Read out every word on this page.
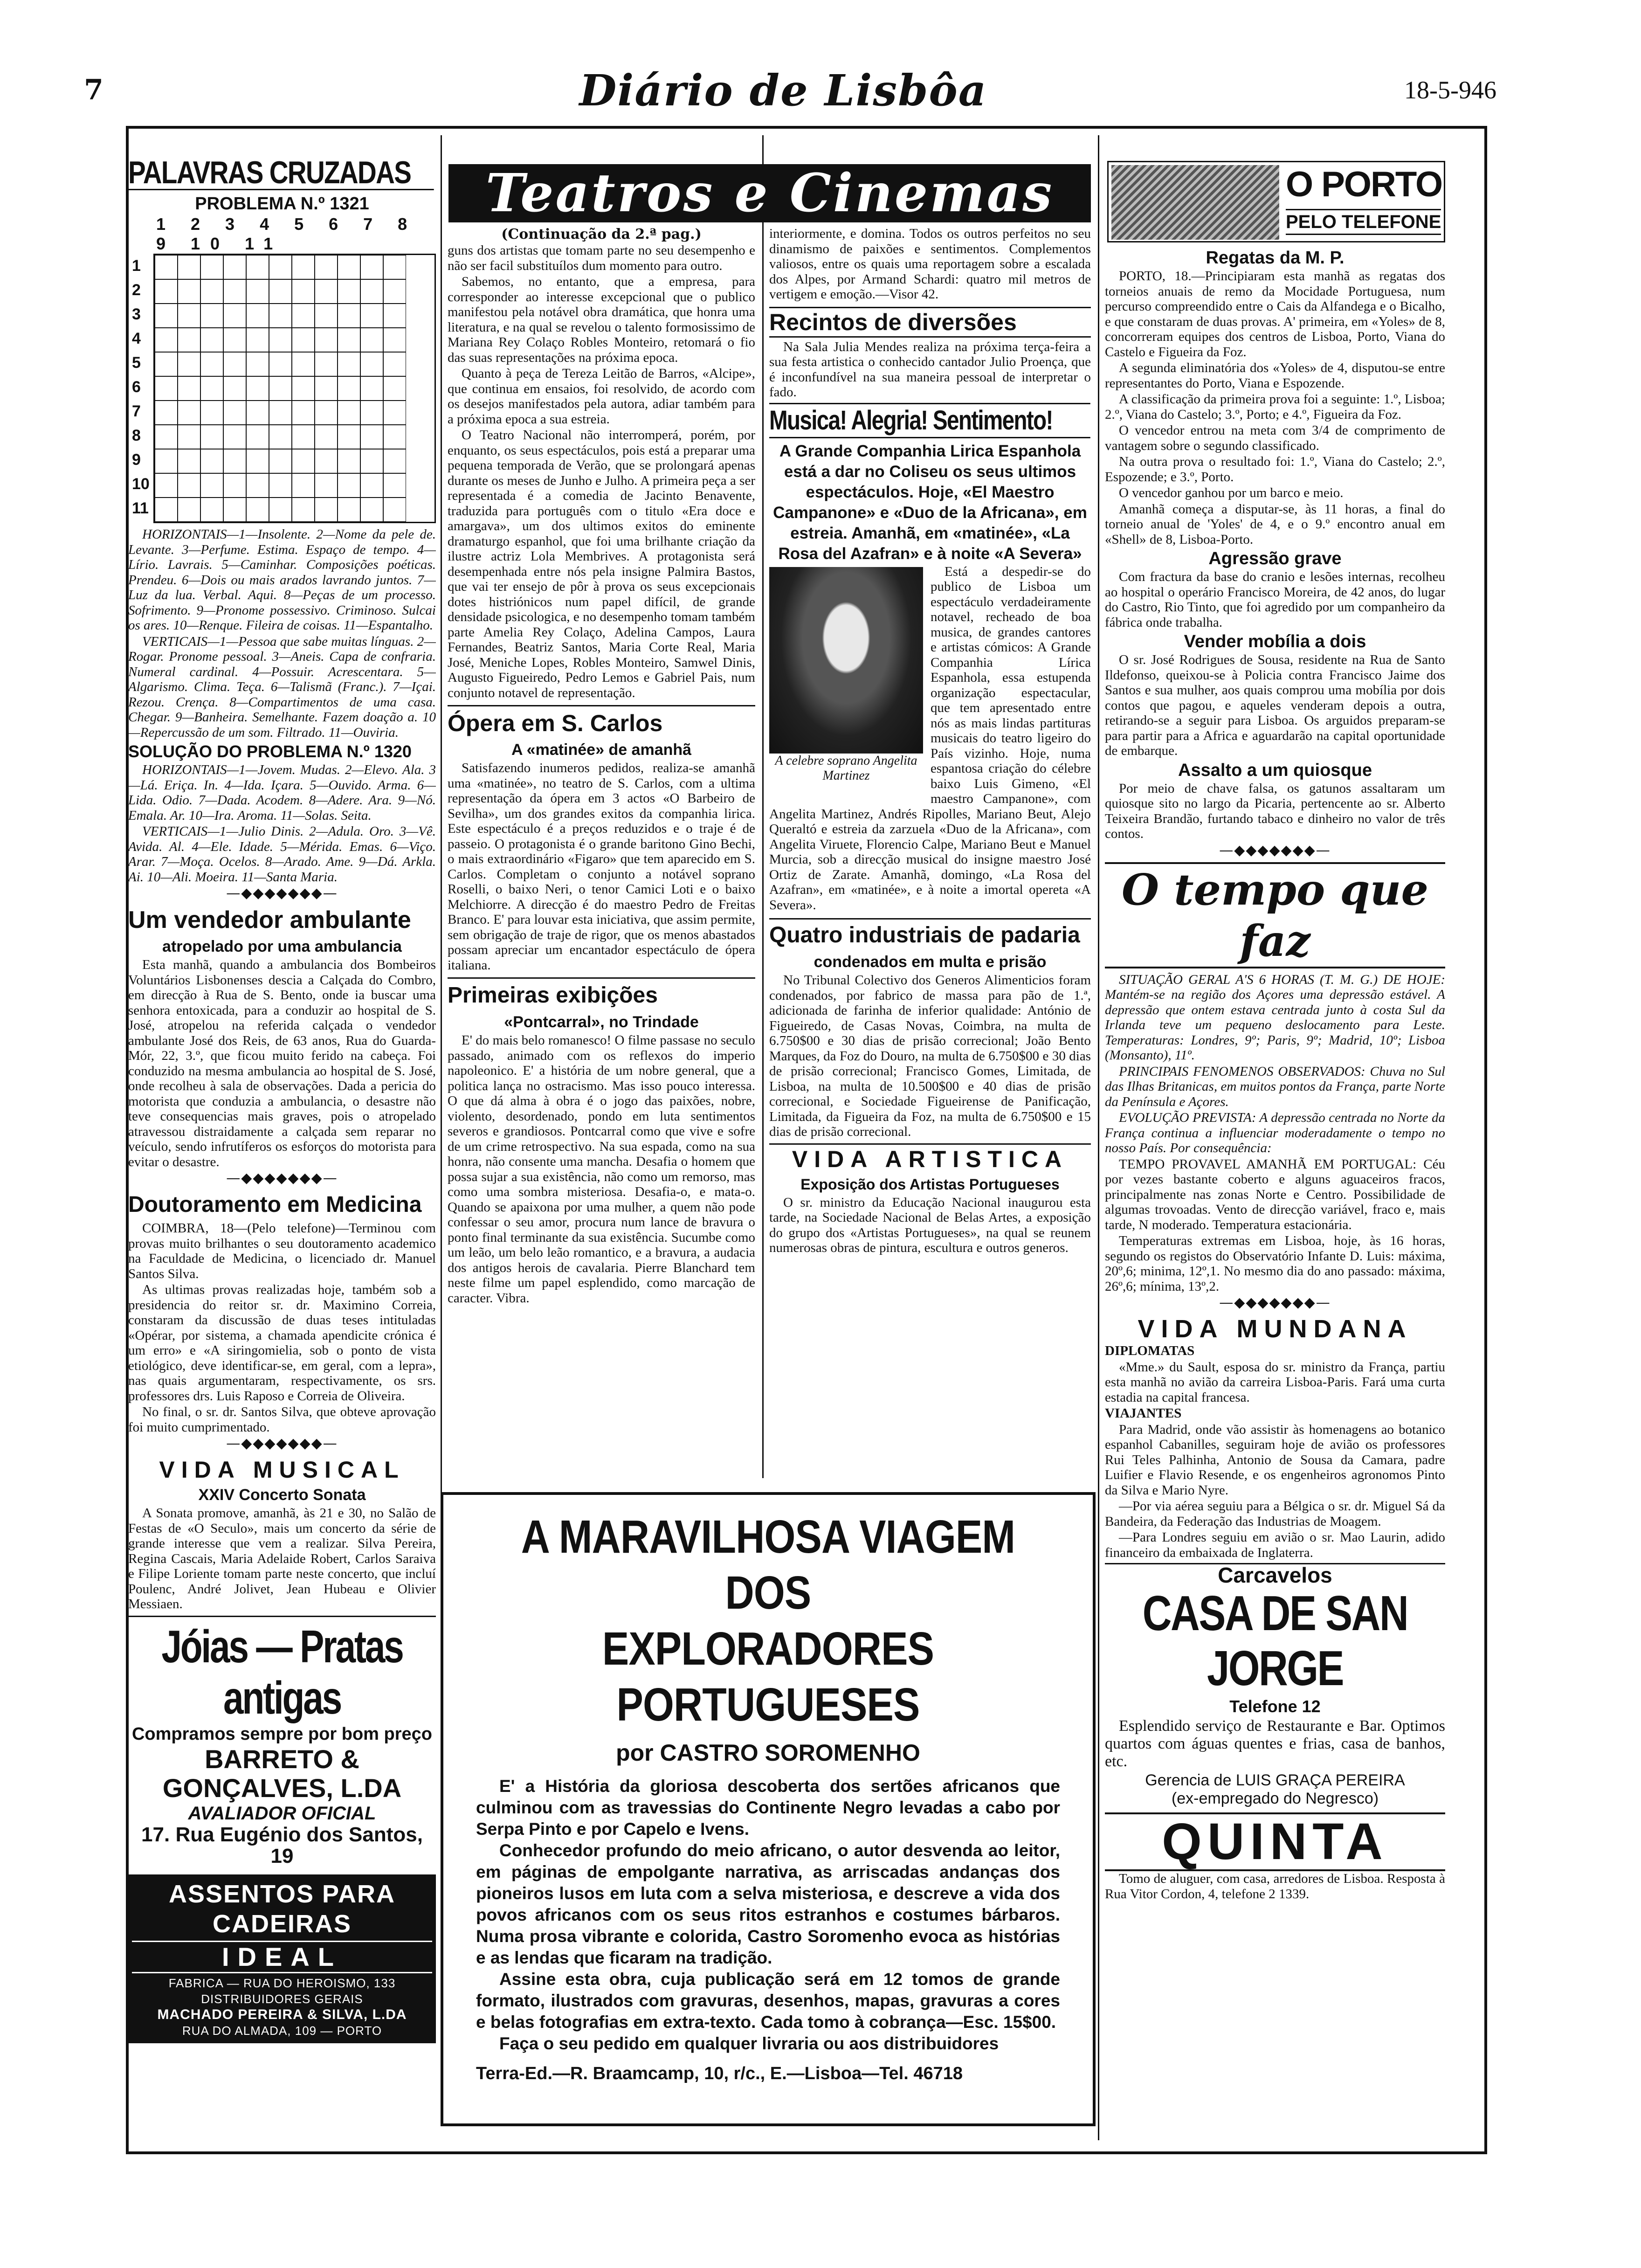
7	Diário de Lisbôa	18-5-946
PALAVRAS CRUZADAS
PROBLEMA N.º 1321
1 2 3 4 5 6 7 8 9 10 11
1
2
3
4
5
6
7
8
9
10
11

HORIZONTAIS—1—Insolente. 2—Nome da pele de. Levante. 3—Perfume. Estima. Espaço de tempo. 4—Lírio. Lavrais. 5—Caminhar. Composições poéticas. Prendeu. 6—Dois ou mais arados lavrando juntos. 7—Luz da lua. Verbal. Aqui. 8—Peças de um processo. Sofrimento. 9—Pronome possessivo. Criminoso. Sulcai os ares. 10—Renque. Fileira de coisas. 11—Espantalho.

VERTICAIS—1—Pessoa que sabe muitas línguas. 2—Rogar. Pronome pessoal. 3—Aneis. Capa de confraria. Numeral cardinal. 4—Possuir. Acrescentara. 5—Algarismo. Clima. Teça. 6—Talismã (Franc.). 7—Içai. Rezou. Crença. 8—Compartimentos de uma casa. Chegar. 9—Banheira. Semelhante. Fazem doação a. 10—Repercussão de um som. Filtrado. 11—Ouviria.

SOLUÇÃO DO PROBLEMA N.º 1320

HORIZONTAIS—1—Jovem. Mudas. 2—Elevo. Ala. 3—Lá. Eriça. In. 4—Ida. Içara. 5—Ouvido. Arma. 6—Lida. Odio. 7—Dada. Acodem. 8—Adere. Ara. 9—Nó. Emala. Ar. 10—Ira. Aroma. 11—Solas. Seita.

VERTICAIS—1—Julio Dinis. 2—Adula. Oro. 3—Vê. Avida. Al. 4—Ele. Idade. 5—Mérida. Emas. 6—Viço. Arar. 7—Moça. Ocelos. 8—Arado. Ame. 9—Dá. Arkla. Ai. 10—Ali. Moeira. 11—Santa Maria.

—◆◆◆◆◆◆◆—
Um vendedor ambulante
atropelado por uma ambulancia

Esta manhã, quando a ambulancia dos Bombeiros Voluntários Lisbonenses descia a Calçada do Combro, em direcção à Rua de S. Bento, onde ia buscar uma senhora entoxicada, para a conduzir ao hospital de S. José, atropelou na referida calçada o vendedor ambulante José dos Reis, de 63 anos, Rua do Guarda-Mór, 22, 3.º, que ficou muito ferido na cabeça. Foi conduzido na mesma ambulancia ao hospital de S. José, onde recolheu à sala de observações. Dada a pericia do motorista que conduzia a ambulancia, o desastre não teve consequencias mais graves, pois o atropelado atravessou distraidamente a calçada sem reparar no veículo, sendo infrutíferos os esforços do motorista para evitar o desastre.

—◆◆◆◆◆◆◆—
Doutoramento em Medicina

COIMBRA, 18—(Pelo telefone)—Terminou com provas muito brilhantes o seu doutoramento academico na Faculdade de Medicina, o licenciado dr. Manuel Santos Silva.

As ultimas provas realizadas hoje, também sob a presidencia do reitor sr. dr. Maximino Correia, constaram da discussão de duas teses intituladas «Opérar, por sistema, a chamada apendicite crónica é um erro» e «A siringomielia, sob o ponto de vista etiológico, deve identificar-se, em geral, com a lepra», nas quais argumentaram, respectivamente, os srs. professores drs. Luis Raposo e Correia de Oliveira.

No final, o sr. dr. Santos Silva, que obteve aprovação foi muito cumprimentado.

—◆◆◆◆◆◆◆—
VIDA MUSICAL
XXIV Concerto Sonata

A Sonata promove, amanhã, às 21 e 30, no Salão de Festas de «O Seculo», mais um concerto da série de grande interesse que vem a realizar. Silva Pereira, Regina Cascais, Maria Adelaide Robert, Carlos Saraiva e Filipe Loriente tomam parte neste concerto, que incluí Poulenc, André Jolivet, Jean Hubeau e Olivier Messiaen.

Jóias — Pratas antigas
Compramos sempre por bom preço
BARRETO & GONÇALVES, L.DA
AVALIADOR OFICIAL
17. Rua Eugénio dos Santos, 19
ASSENTOS PARA CADEIRAS
IDEAL
FABRICA — RUA DO HEROISMO, 133
DISTRIBUIDORES GERAIS
MACHADO PEREIRA & SILVA, L.DA
RUA DO ALMADA, 109 — PORTO
Teatros e Cinemas
(Continuação da 2.ª pag.)

guns dos artistas que tomam parte no seu desempenho e não ser facil substituílos dum momento para outro.

Sabemos, no entanto, que a empresa, para corresponder ao interesse excepcional que o publico manifestou pela notável obra dramática, que honra uma literatura, e na qual se revelou o talento formosissimo de Mariana Rey Colaço Robles Monteiro, retomará o fio das suas representações na próxima epoca.

Quanto à peça de Tereza Leitão de Barros, «Alcipe», que continua em ensaios, foi resolvido, de acordo com os desejos manifestados pela autora, adiar também para a próxima epoca a sua estreia.

O Teatro Nacional não interromperá, porém, por enquanto, os seus espectáculos, pois está a preparar uma pequena temporada de Verão, que se prolongará apenas durante os meses de Junho e Julho. A primeira peça a ser representada é a comedia de Jacinto Benavente, traduzida para português com o titulo «Era doce e amargava», um dos ultimos exitos do eminente dramaturgo espanhol, que foi uma brilhante criação da ilustre actriz Lola Membrives. A protagonista será desempenhada entre nós pela insigne Palmira Bastos, que vai ter ensejo de pôr à prova os seus excepcionais dotes histriónicos num papel difícil, de grande densidade psicologica, e no desempenho tomam também parte Amelia Rey Colaço, Adelina Campos, Laura Fernandes, Beatriz Santos, Maria Corte Real, Maria José, Meniche Lopes, Robles Monteiro, Samwel Dinis, Augusto Figueiredo, Pedro Lemos e Gabriel Pais, num conjunto notavel de representação.

Ópera em S. Carlos
A «matinée» de amanhã

Satisfazendo inumeros pedidos, realiza-se amanhã uma «matinée», no teatro de S. Carlos, com a ultima representação da ópera em 3 actos «O Barbeiro de Sevilha», um dos grandes exitos da companhia lirica. Este espectáculo é a preços reduzidos e o traje é de passeio. O protagonista é o grande baritono Gino Bechi, o mais extraordinário «Figaro» que tem aparecido em S. Carlos. Completam o conjunto a notável soprano Roselli, o baixo Neri, o tenor Camici Loti e o baixo Melchiorre. A direcção é do maestro Pedro de Freitas Branco. E' para louvar esta iniciativa, que assim permite, sem obrigação de traje de rigor, que os menos abastados possam apreciar um encantador espectáculo de ópera italiana.

Primeiras exibições
«Pontcarral», no Trindade

E' do mais belo romanesco! O filme passase no seculo passado, animado com os reflexos do imperio napoleonico. E' a história de um nobre general, que a politica lança no ostracismo. Mas isso pouco interessa. O que dá alma à obra é o jogo das paixões, nobre, violento, desordenado, pondo em luta sentimentos severos e grandiosos. Pontcarral como que vive e sofre de um crime retrospectivo. Na sua espada, como na sua honra, não consente uma mancha. Desafia o homem que possa sujar a sua existência, não como um remorso, mas como uma sombra misteriosa. Desafia-o, e mata-o. Quando se apaixona por uma mulher, a quem não pode confessar o seu amor, procura num lance de bravura o ponto final terminante da sua existência. Sucumbe como um leão, um belo leão romantico, e a bravura, a audacia dos antigos herois de cavalaria. Pierre Blanchard tem neste filme um papel esplendido, como marcação de caracter. Vibra.

interiormente, e domina. Todos os outros perfeitos no seu dinamismo de paixões e sentimentos. Complementos valiosos, entre os quais uma reportagem sobre a escalada dos Alpes, por Armand Schardi: quatro mil metros de vertigem e emoção.—Visor 42.

Recintos de diversões

Na Sala Julia Mendes realiza na próxima terça-feira a sua festa artistica o conhecido cantador Julio Proença, que é inconfundível na sua maneira pessoal de interpretar o fado.

Musica! Alegria! Sentimento!
A Grande Companhia Lirica Espanhola está a dar no Coliseu os seus ultimos espectáculos. Hoje, «El Maestro Campanone» e «Duo de la Africana», em estreia. Amanhã, em «matinée», «La Rosa del Azafran» e à noite «A Severa»
A celebre soprano Angelita Martinez

Está a despedir-se do publico de Lisboa um espectáculo verdadeiramente notavel, recheado de boa musica, de grandes cantores e artistas cómicos: A Grande Companhia Lírica Espanhola, essa estupenda organização espectacular, que tem apresentado entre nós as mais lindas partituras musicais do teatro ligeiro do País vizinho. Hoje, numa espantosa criação do célebre baixo Luis Gimeno, «El maestro Campanone», com Angelita Martinez, Andrés Ripolles, Mariano Beut, Alejo Queraltó e estreia da zarzuela «Duo de la Africana», com Angelita Viruete, Florencio Calpe, Mariano Beut e Manuel Murcia, sob a direcção musical do insigne maestro José Ortiz de Zarate. Amanhã, domingo, «La Rosa del Azafran», em «matinée», e à noite a imortal opereta «A Severa».

Quatro industriais de padaria
condenados em multa e prisão

No Tribunal Colectivo dos Generos Alimenticios foram condenados, por fabrico de massa para pão de 1.ª, adicionada de farinha de inferior qualidade: António de Figueiredo, de Casas Novas, Coimbra, na multa de 6.750$00 e 30 dias de prisão correcional; João Bento Marques, da Foz do Douro, na multa de 6.750$00 e 30 dias de prisão correcional; Francisco Gomes, Limitada, de Lisboa, na multa de 10.500$00 e 40 dias de prisão correcional, e Sociedade Figueirense de Panificação, Limitada, da Figueira da Foz, na multa de 6.750$00 e 15 dias de prisão correcional.

VIDA ARTISTICA
Exposição dos Artistas Portugueses

O sr. ministro da Educação Nacional inaugurou esta tarde, na Sociedade Nacional de Belas Artes, a exposição do grupo dos «Artistas Portugueses», na qual se reunem numerosas obras de pintura, escultura e outros generos.

A MARAVILHOSA VIAGEM DOS
EXPLORADORES PORTUGUESES
por CASTRO SOROMENHO

E' a História da gloriosa descoberta dos sertões africanos que culminou com as travessias do Continente Negro levadas a cabo por Serpa Pinto e por Capelo e Ivens.

Conhecedor profundo do meio africano, o autor desvenda ao leitor, em páginas de empolgante narrativa, as arriscadas andanças dos pioneiros lusos em luta com a selva misteriosa, e descreve a vida dos povos africanos com os seus ritos estranhos e costumes bárbaros. Numa prosa vibrante e colorida, Castro Soromenho evoca as histórias e as lendas que ficaram na tradição.

Assine esta obra, cuja publicação será em 12 tomos de grande formato, ilustrados com gravuras, desenhos, mapas, gravuras a cores e belas fotografias em extra-texto. Cada tomo à cobrança—Esc. 15$00.

Faça o seu pedido em qualquer livraria ou aos distribuidores

Terra-Ed.—R. Braamcamp, 10, r/c., E.—Lisboa—Tel. 46718
O PORTO
PELO TELEFONE
Regatas da M. P.

PORTO, 18.—Principiaram esta manhã as regatas dos torneios anuais de remo da Mocidade Portuguesa, num percurso compreendido entre o Cais da Alfandega e o Bicalho, e que constaram de duas provas. A' primeira, em «Yoles» de 8, concorreram equipes dos centros de Lisboa, Porto, Viana do Castelo e Figueira da Foz.

A segunda eliminatória dos «Yoles» de 4, disputou-se entre representantes do Porto, Viana e Espozende.

A classificação da primeira prova foi a seguinte: 1.º, Lisboa; 2.º, Viana do Castelo; 3.º, Porto; e 4.º, Figueira da Foz.

O vencedor entrou na meta com 3/4 de comprimento de vantagem sobre o segundo classificado.

Na outra prova o resultado foi: 1.º, Viana do Castelo; 2.º, Espozende; e 3.º, Porto.

O vencedor ganhou por um barco e meio.

Amanhã começa a disputar-se, às 11 horas, a final do torneio anual de 'Yoles' de 4, e o 9.º encontro anual em «Shell» de 8, Lisboa-Porto.

Agressão grave

Com fractura da base do cranio e lesões internas, recolheu ao hospital o operário Francisco Moreira, de 42 anos, do lugar do Castro, Rio Tinto, que foi agredido por um companheiro da fábrica onde trabalha.

Vender mobília a dois

O sr. José Rodrigues de Sousa, residente na Rua de Santo Ildefonso, queixou-se à Policia contra Francisco Jaime dos Santos e sua mulher, aos quais comprou uma mobília por dois contos que pagou, e aqueles venderam depois a outra, retirando-se a seguir para Lisboa. Os arguidos preparam-se para partir para a Africa e aguardarão na capital oportunidade de embarque.

Assalto a um quiosque

Por meio de chave falsa, os gatunos assaltaram um quiosque sito no largo da Picaria, pertencente ao sr. Alberto Teixeira Brandão, furtando tabaco e dinheiro no valor de três contos.

—◆◆◆◆◆◆◆—
O tempo que faz

SITUAÇÃO GERAL A'S 6 HORAS (T. M. G.) DE HOJE: Mantém-se na região dos Açores uma depressão estável. A depressão que ontem estava centrada junto à costa Sul da Irlanda teve um pequeno deslocamento para Leste. Temperaturas: Londres, 9º; Paris, 9º; Madrid, 10º; Lisboa (Monsanto), 11º.

PRINCIPAIS FENOMENOS OBSERVADOS: Chuva no Sul das Ilhas Britanicas, em muitos pontos da França, parte Norte da Península e Açores.

EVOLUÇÃO PREVISTA: A depressão centrada no Norte da França continua a influenciar moderadamente o tempo no nosso País. Por consequência:

TEMPO PROVAVEL AMANHÃ EM PORTUGAL: Céu por vezes bastante coberto e alguns aguaceiros fracos, principalmente nas zonas Norte e Centro. Possibilidade de algumas trovoadas. Vento de direcção variável, fraco e, mais tarde, N moderado. Temperatura estacionária.

Temperaturas extremas em Lisboa, hoje, às 16 horas, segundo os registos do Observatório Infante D. Luis: máxima, 20º,6; minima, 12º,1. No mesmo dia do ano passado: máxima, 26º,6; mínima, 13º,2.

—◆◆◆◆◆◆◆—
VIDA MUNDANA

DIPLOMATAS

«Mme.» du Sault, esposa do sr. ministro da França, partiu esta manhã no avião da carreira Lisboa-Paris. Fará uma curta estadia na capital francesa.

VIAJANTES

Para Madrid, onde vão assistir às homenagens ao botanico espanhol Cabanilles, seguiram hoje de avião os professores Rui Teles Palhinha, Antonio de Sousa da Camara, padre Luifier e Flavio Resende, e os engenheiros agronomos Pinto da Silva e Mario Nyre.

—Por via aérea seguiu para a Bélgica o sr. dr. Miguel Sá da Bandeira, da Federação das Industrias de Moagem.

—Para Londres seguiu em avião o sr. Mao Laurin, adido financeiro da embaixada de Inglaterra.

Carcavelos
CASA DE SAN JORGE
Telefone 12

Esplendido serviço de Restaurante e Bar. Optimos quartos com águas quentes e frias, casa de banhos, etc.

Gerencia de LUIS GRAÇA PEREIRA
(ex-empregado do Negresco)
QUINTA

Tomo de aluguer, com casa, arredores de Lisboa. Resposta à Rua Vitor Cordon, 4, telefone 2 1339.
